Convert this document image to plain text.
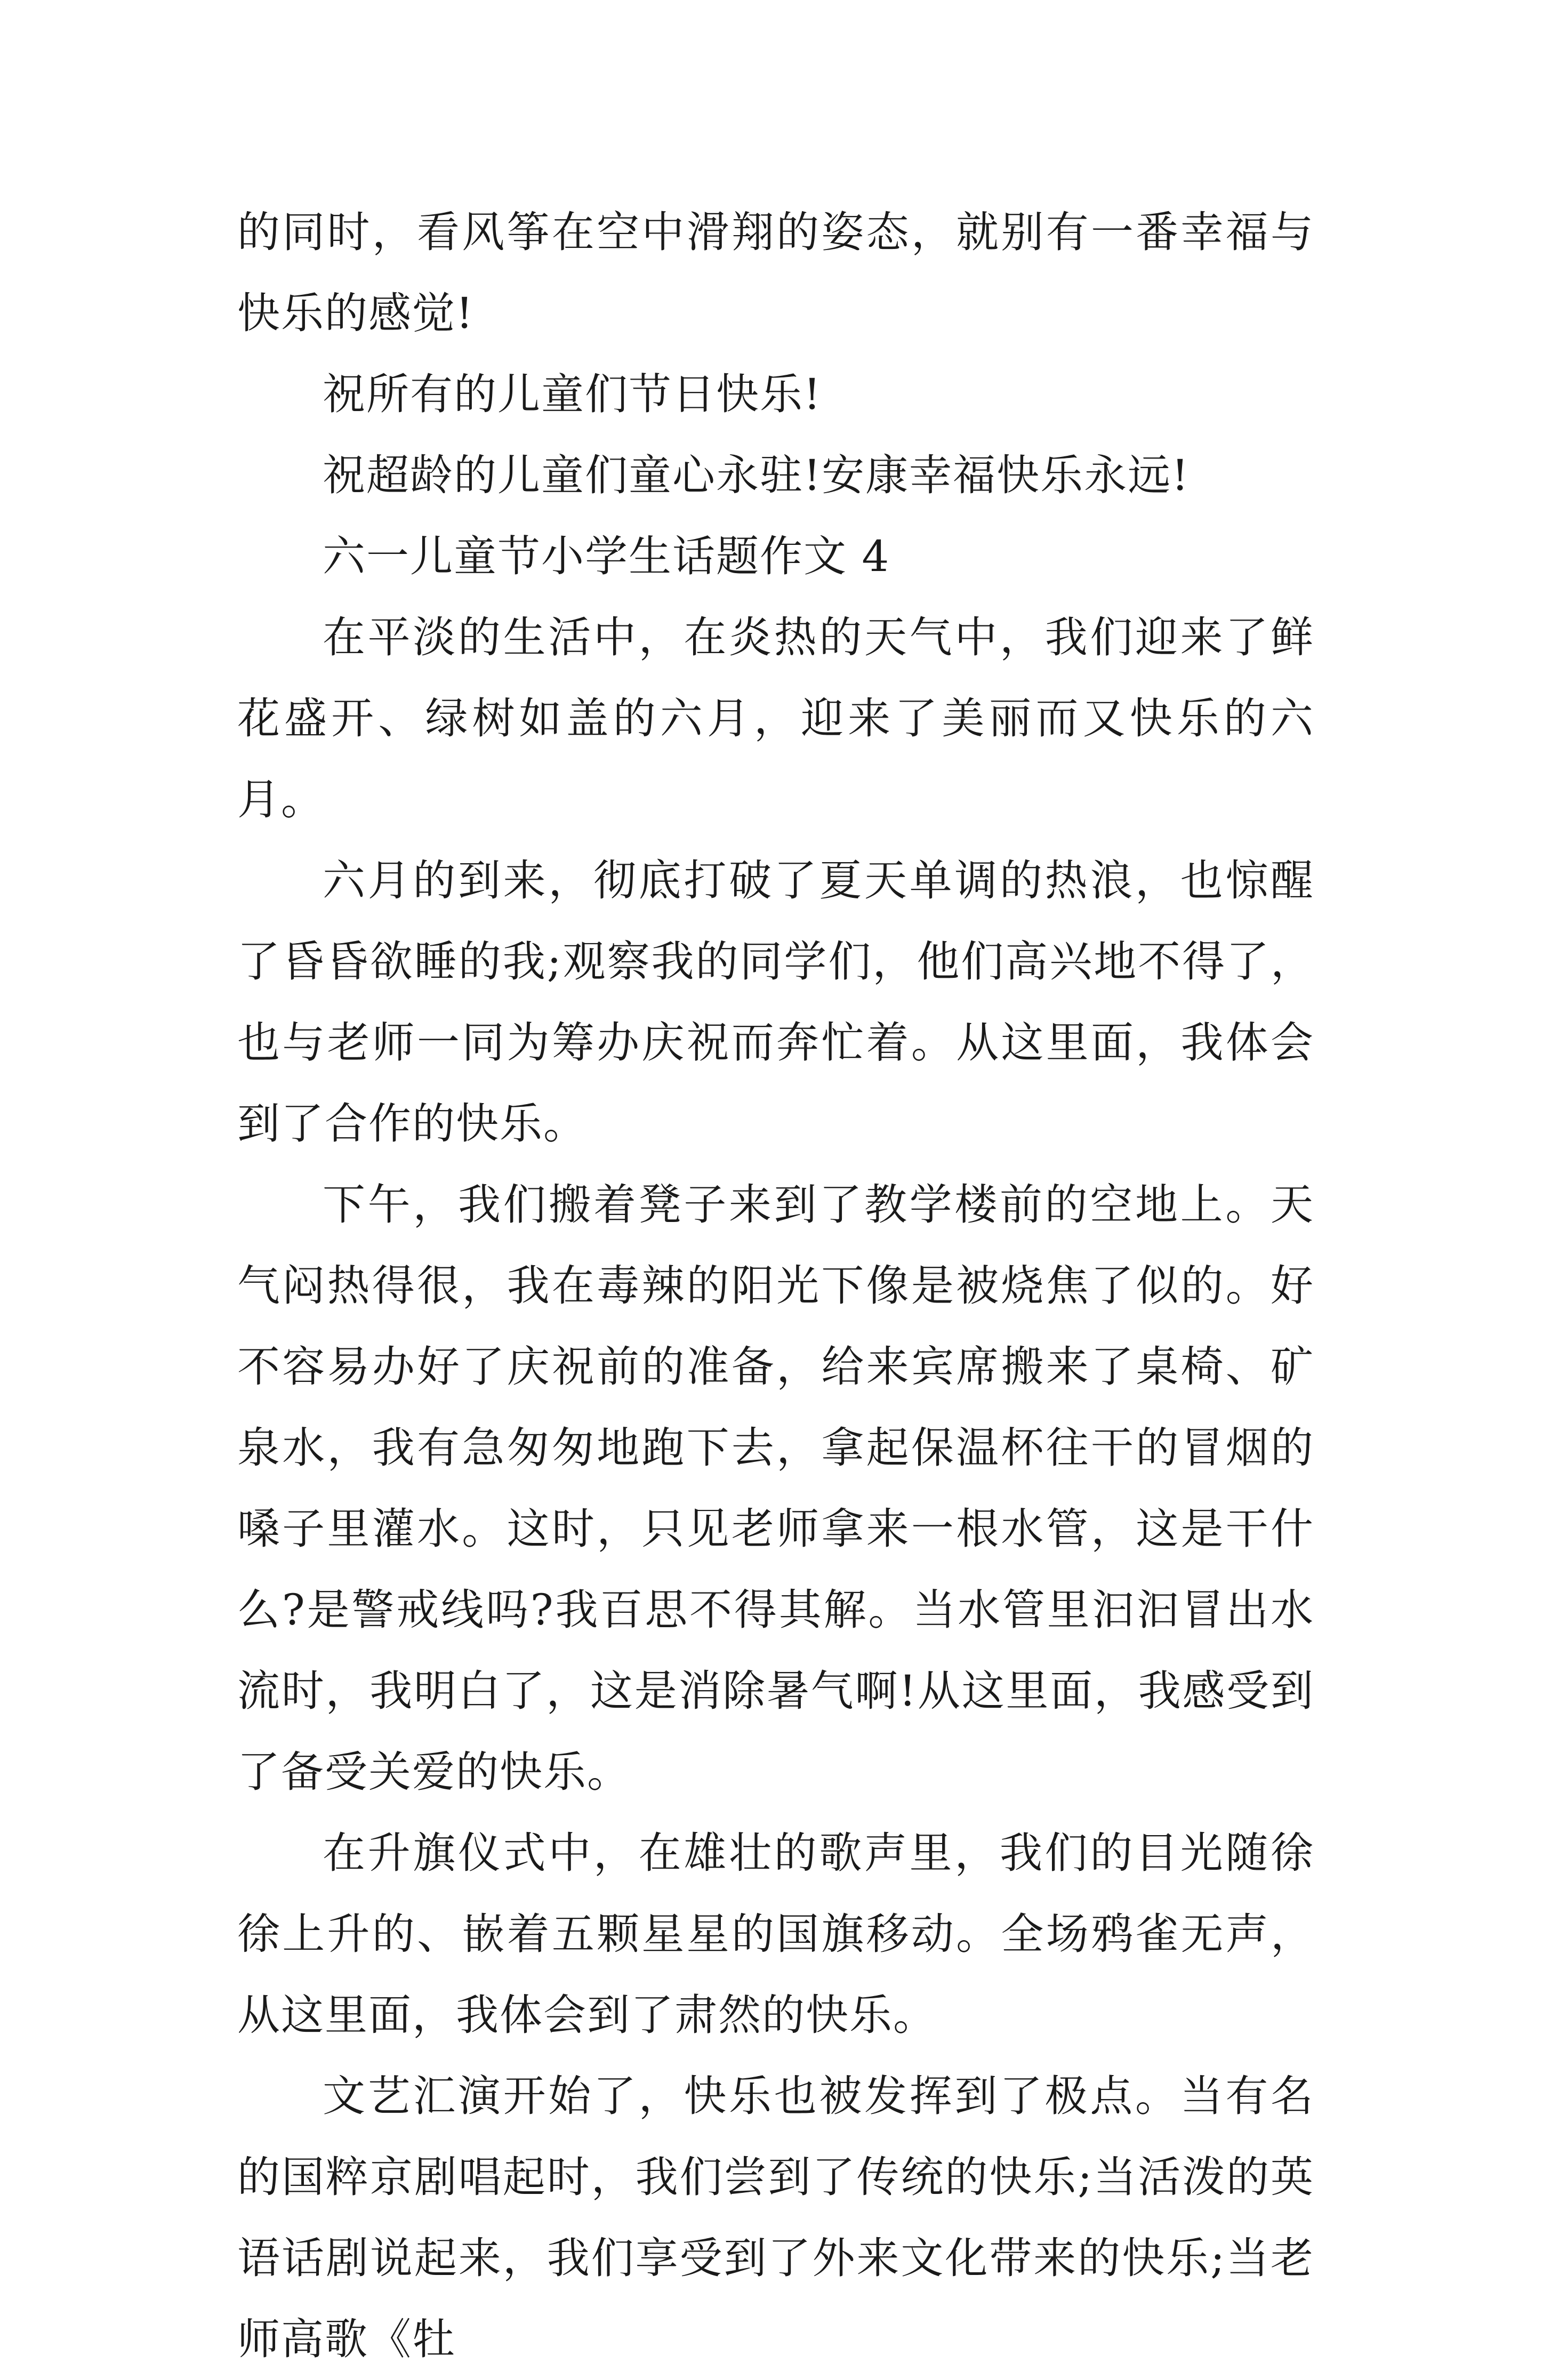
的同时，看风筝在空中滑翔的姿态，就别有一番幸福与快乐的感觉!

祝所有的儿童们节日快乐!

祝超龄的儿童们童心永驻!安康幸福快乐永远!

六一儿童节小学生话题作文 4

在平淡的生活中，在炎热的天气中，我们迎来了鲜花盛开、绿树如盖的六月，迎来了美丽而又快乐的六月。

六月的到来，彻底打破了夏天单调的热浪，也惊醒了昏昏欲睡的我;观察我的同学们，他们高兴地不得了，也与老师一同为筹办庆祝而奔忙着。从这里面，我体会到了合作的快乐。

下午，我们搬着凳子来到了教学楼前的空地上。天气闷热得很，我在毒辣的阳光下像是被烧焦了似的。好不容易办好了庆祝前的准备，给来宾席搬来了桌椅、矿泉水，我有急匆匆地跑下去，拿起保温杯往干的冒烟的嗓子里灌水。这时，只见老师拿来一根水管，这是干什么?是警戒线吗?我百思不得其解。当水管里汩汩冒出水流时，我明白了，这是消除暑气啊!从这里面，我感受到了备受关爱的快乐。

在升旗仪式中，在雄壮的歌声里，我们的目光随徐徐上升的、嵌着五颗星星的国旗移动。全场鸦雀无声，从这里面，我体会到了肃然的快乐。

文艺汇演开始了，快乐也被发挥到了极点。当有名的国粹京剧唱起时，我们尝到了传统的快乐;当活泼的英语话剧说起来，我们享受到了外来文化带来的快乐;当老师高歌《牡
